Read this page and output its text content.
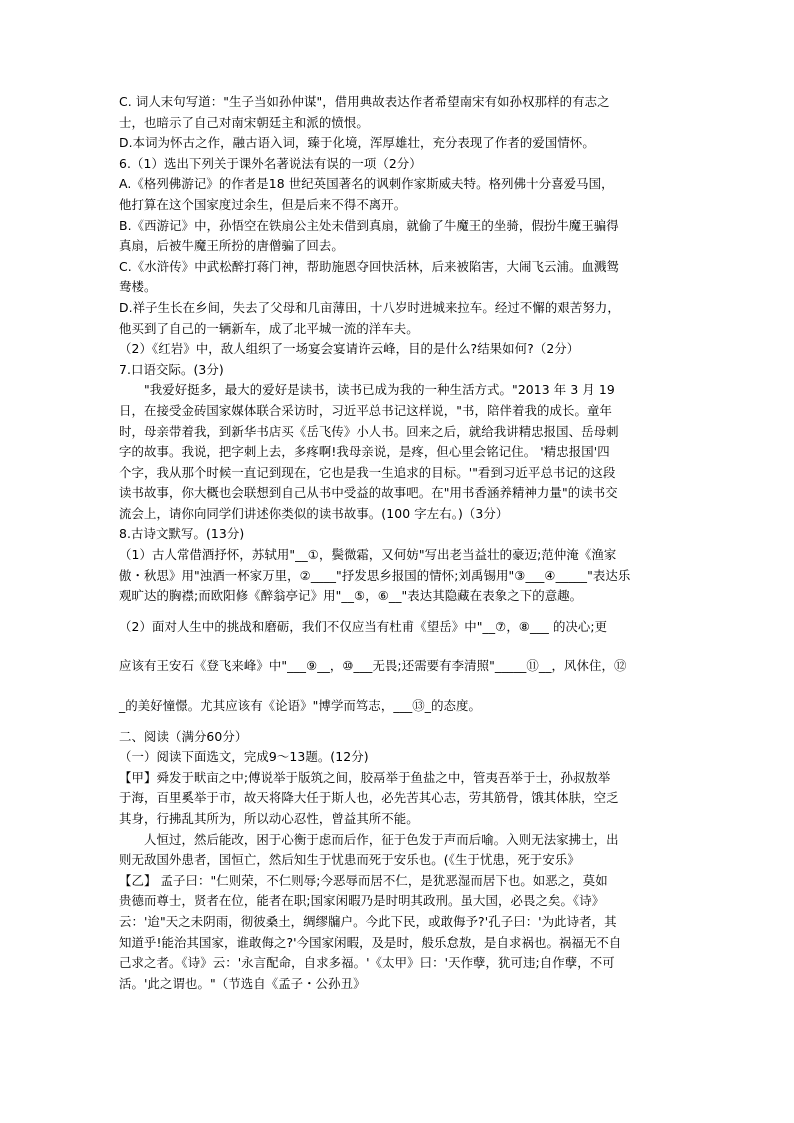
C. 词人末句写道："生子当如孙仲谋"，借用典故表达作者希望南宋有如孙权那样的有志之

士，也暗示了自己对南宋朝廷主和派的愤恨。

D.本词为怀古之作，融古语入词，臻于化境，浑厚雄壮，充分表现了作者的爱国情怀。

6.（1）选出下列关于课外名著说法有误的一项（2分）

A.《格列佛游记》的作者是18 世纪英国著名的讽刺作家斯威夫特。格列佛十分喜爱马国，

他打算在这个国家度过余生，但是后来不得不离开。

B.《西游记》中，孙悟空在铁扇公主处未借到真扇，就偷了牛魔王的坐骑，假扮牛魔王骗得

真扇，后被牛魔王所扮的唐僧骗了回去。

C.《水浒传》中武松醉打蒋门神，帮助施恩夺回快活林，后来被陷害，大闹飞云浦。血溅鸳

鸯楼。

D.祥子生长在乡间，失去了父母和几亩薄田，十八岁时进城来拉车。经过不懈的艰苦努力，

他买到了自己的一辆新车，成了北平城一流的洋车夫。

（2）《红岩》中，敌人组织了一场宴会宴请许云峰，目的是什么?结果如何?（2分）

7.口语交际。(3分)

"我爱好挺多，最大的爱好是读书，读书已成为我的一种生活方式。"2013 年 3 月 19

日，在接受金砖国家媒体联合采访时，习近平总书记这样说，"书，陪伴着我的成长。童年

时，母亲带着我，到新华书店买《岳飞传》小人书。回来之后，就给我讲精忠报国、岳母刺

字的故事。我说，把字刺上去，多疼啊!我母亲说，是疼，但心里会铭记住。 '精忠报国'四

个字，我从那个时候一直记到现在，它也是我一生追求的目标。'"看到习近平总书记的这段

读书故事，你大概也会联想到自己从书中受益的故事吧。在"用书香涵养精神力量"的读书交

流会上，请你向同学们讲述你类似的读书故事。(100 字左右。)（3分）

8.古诗文默写。(13分)

（1）古人常借酒抒怀，苏轼用"__①，鬓微霜，又何妨"写出老当益壮的豪迈;范仲淹《渔家

傲・秋思》用"浊酒一杯家万里，②____"抒发思乡报国的情怀;刘禹锡用"③___④_____"表达乐

观旷达的胸襟;而欧阳修《醉翁亭记》用"__⑤，⑥__"表达其隐藏在表象之下的意趣。

（2）面对人生中的挑战和磨砺，我们不仅应当有杜甫《望岳》中"__⑦，⑧___ 的决心;更

应该有王安石《登飞来峰》中"___⑨__，⑩___无畏;还需要有李清照"_____⑪__，风休住，⑫

_的美好憧憬。尤其应该有《论语》"博学而笃志，___⑬_的态度。

二、阅读（满分60分）

（一）阅读下面选文，完成9～13题。(12分)

【甲】舜发于畎亩之中;傅说举于版筑之间，胶鬲举于鱼盐之中，管夷吾举于士，孙叔敖举

于海，百里奚举于市，故天将降大任于斯人也，必先苦其心志，劳其筋骨，饿其体肤，空乏

其身，行拂乱其所为，所以动心忍性，曾益其所不能。

人恒过，然后能改，困于心衡于虑而后作，征于色发于声而后喻。入则无法家拂士，出

则无敌国外患者，国恒亡，然后知生于忧患而死于安乐也。(《生于忧患，死于安乐》

【乙】 孟子曰："仁则荣，不仁则辱;今恶辱而居不仁，是犹恶湿而居下也。如恶之，莫如

贵德而尊士，贤者在位，能者在职;国家闲暇乃是时明其政刑。虽大国，必畏之矣。《诗》

云：'迨"天之未阴雨，彻彼桑土，绸缪牖户。今此下民，或敢侮予?'孔子曰：'为此诗者，其

知道乎!能治其国家，谁敢侮之?'今国家闲暇，及是时，般乐怠敖，是自求祸也。祸福无不自

己求之者。《诗》云：'永言配命，自求多福。'《太甲》曰：'天作孽，犹可违;自作孽，不可

活。'此之谓也。"（节选自《孟子・公孙丑》
